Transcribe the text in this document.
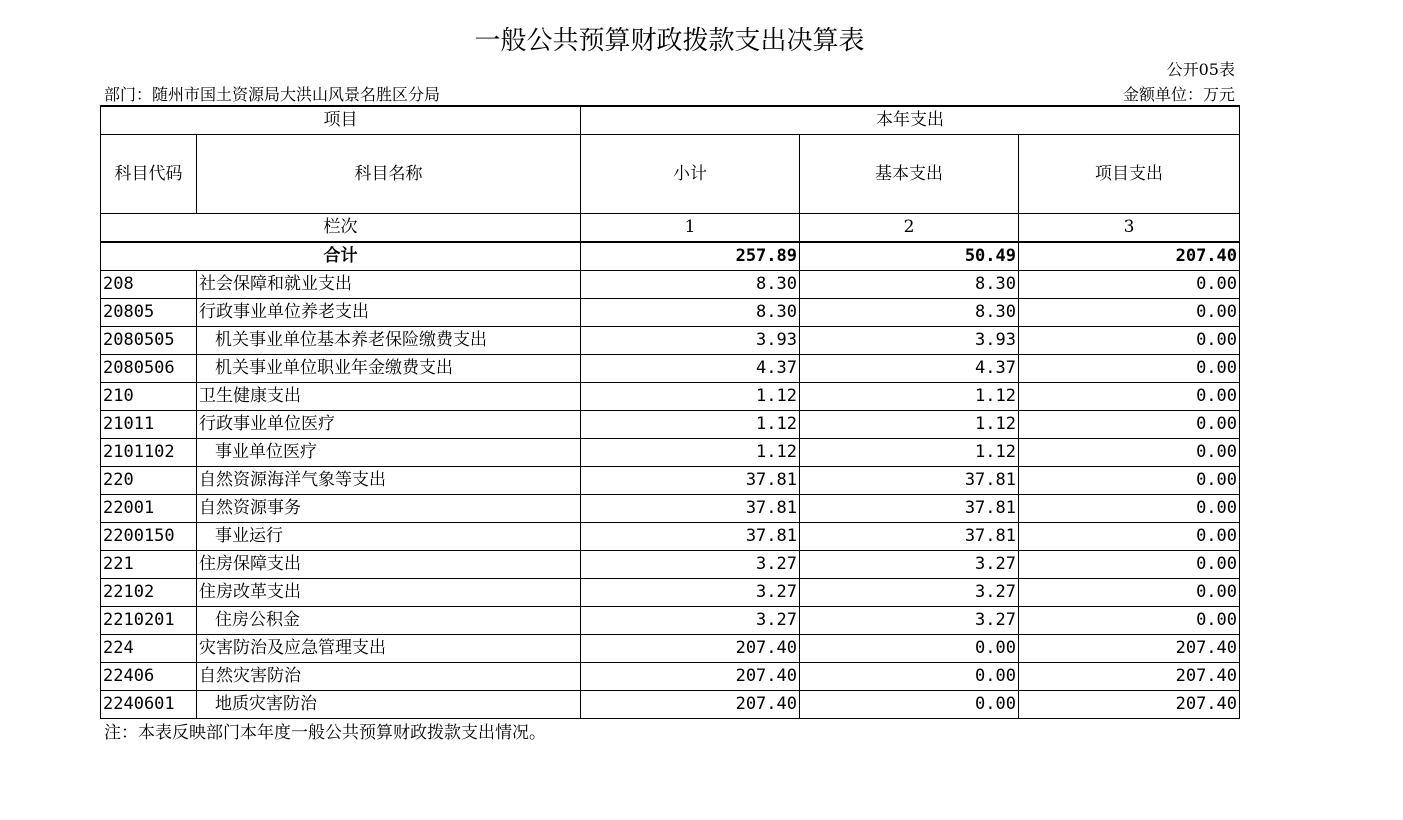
一般公共预算财政拨款支出决算表
公开05表
部门：随州市国土资源局大洪山风景名胜区分局	金额单位：万元
项目		本年支出		
科目代码	科目名称	小计	基本支出	项目支出
栏次		1	2	3
合计		257.89	50.49	207.40
208	社会保障和就业支出	8.30	8.30	0.00
20805	行政事业单位养老支出	8.30	8.30	0.00
2080505	机关事业单位基本养老保险缴费支出	3.93	3.93	0.00
2080506	机关事业单位职业年金缴费支出	4.37	4.37	0.00
210	卫生健康支出	1.12	1.12	0.00
21011	行政事业单位医疗	1.12	1.12	0.00
2101102	事业单位医疗	1.12	1.12	0.00
220	自然资源海洋气象等支出	37.81	37.81	0.00
22001	自然资源事务	37.81	37.81	0.00
2200150	事业运行	37.81	37.81	0.00
221	住房保障支出	3.27	3.27	0.00
22102	住房改革支出	3.27	3.27	0.00
2210201	住房公积金	3.27	3.27	0.00
224	灾害防治及应急管理支出	207.40	0.00	207.40
22406	自然灾害防治	207.40	0.00	207.40
2240601	地质灾害防治	207.40	0.00	207.40
注：本表反映部门本年度一般公共预算财政拨款支出情况。
